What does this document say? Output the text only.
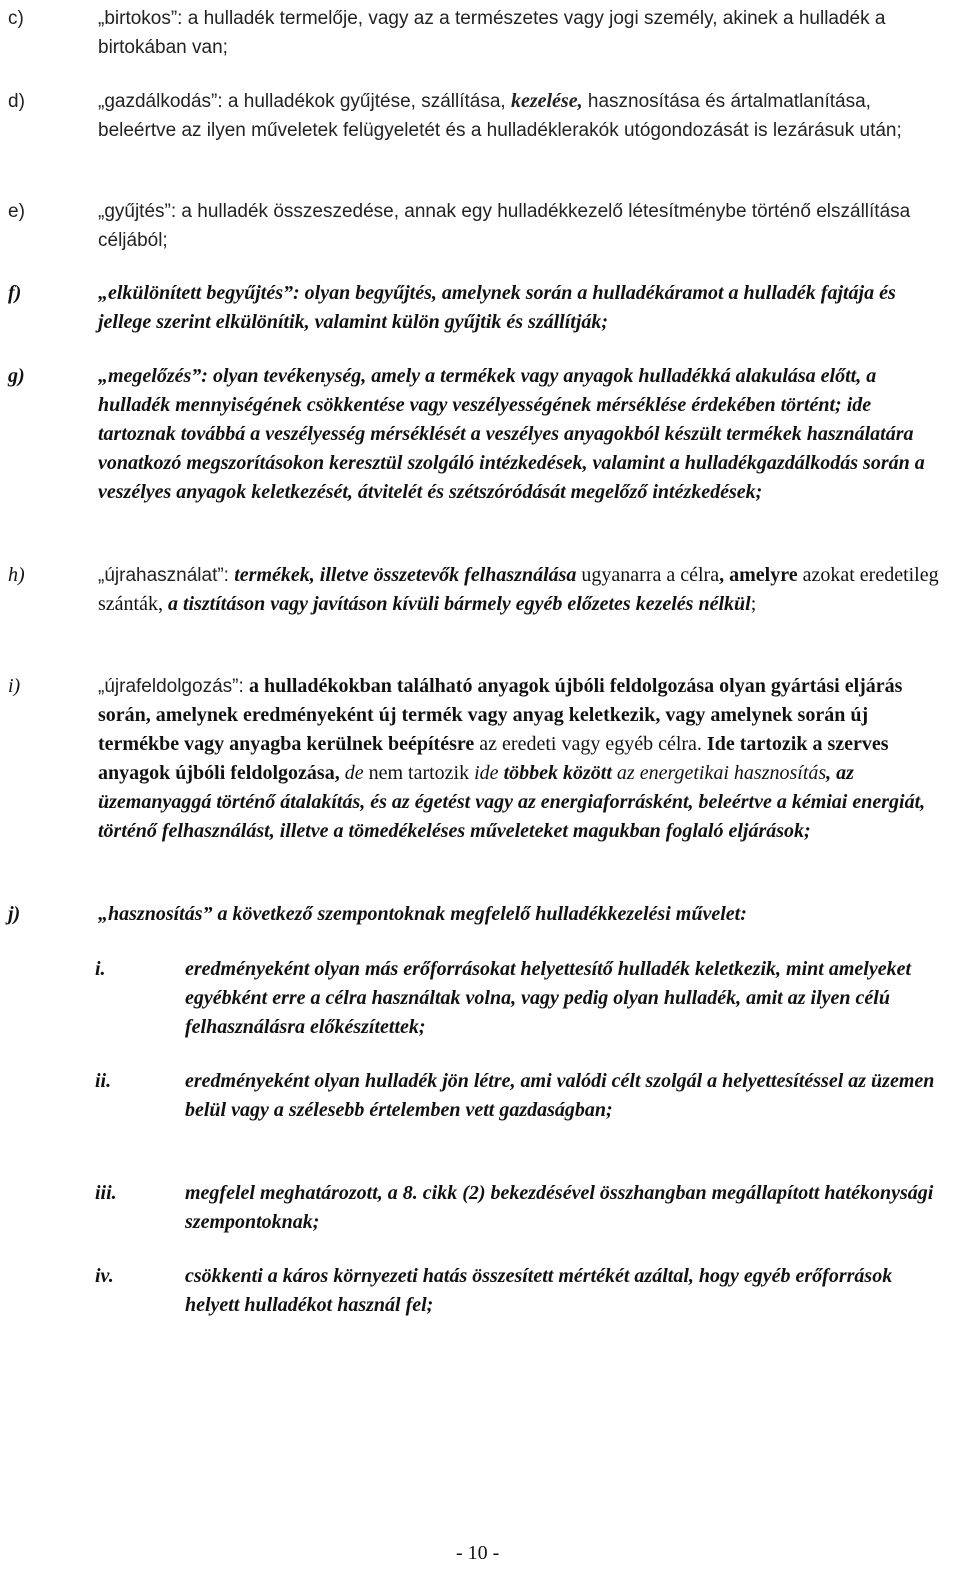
c)	„birtokos”: a hulladék termelője, vagy az a természetes vagy jogi személy, akinek a hulladék a birtokában van;
d)	„gazdálkodás”: a hulladékok gyűjtése, szállítása, kezelése, hasznosítása és ártalmatlanítása, beleértve az ilyen műveletek felügyeletét és a hulladéklerakók utógondozását is lezárásuk után;
e)	„gyűjtés”: a hulladék összeszedése, annak egy hulladékkezelő létesítménybe történő elszállítása céljából;
f)	„elkülönített begyűjtés”: olyan begyűjtés, amelynek során a hulladékáramot a hulladék fajtája és jellege szerint elkülönítik, valamint külön gyűjtik és szállítják;
g)	„megelőzés”: olyan tevékenység, amely a termékek vagy anyagok hulladékká alakulása előtt, a hulladék mennyiségének csökkentése vagy veszélyességének mérséklése érdekében történt; ide tartoznak továbbá a veszélyesség mérséklését a veszélyes anyagokból készült termékek használatára vonatkozó megszorításokon keresztül szolgáló intézkedések, valamint a hulladékgazdálkodás során a veszélyes anyagok keletkezését, átvitelét és szétszóródását megelőző intézkedések;
h)	„újrahasználat”: termékek, illetve összetevők felhasználása ugyanarra a célra, amelyre azokat eredetileg szánták, a tisztításon vagy javításon kívüli bármely egyéb előzetes kezelés nélkül;
i)	„újrafeldolgozás”: a hulladékokban található anyagok újbóli feldolgozása olyan gyártási eljárás során, amelynek eredményeként új termék vagy anyag keletkezik, vagy amelynek során új termékbe vagy anyagba kerülnek beépítésre az eredeti vagy egyéb célra. Ide tartozik a szerves anyagok újbóli feldolgozása, de nem tartozik ide többek között az energetikai hasznosítás, az üzemanyaggá történő átalakítás, és az égetést vagy az energiaforrásként, beleértve a kémiai energiát, történő felhasználást, illetve a tömedékeléses műveleteket magukban foglaló eljárások;
j)	„hasznosítás” a következő szempontoknak megfelelő hulladékkezelési művelet:
i.	eredményeként olyan más erőforrásokat helyettesítő hulladék keletkezik, mint amelyeket egyébként erre a célra használtak volna, vagy pedig olyan hulladék, amit az ilyen célú felhasználásra előkészítettek;
ii.	eredményeként olyan hulladék jön létre, ami valódi célt szolgál a helyettesítéssel az üzemen belül vagy a szélesebb értelemben vett gazdaságban;
iii.	megfelel meghatározott, a 8. cikk (2) bekezdésével összhangban megállapított hatékonysági szempontoknak;
iv.	csökkenti a káros környezeti hatás összesített mértékét azáltal, hogy egyéb erőforrások helyett hulladékot használ fel;
- 10 -
